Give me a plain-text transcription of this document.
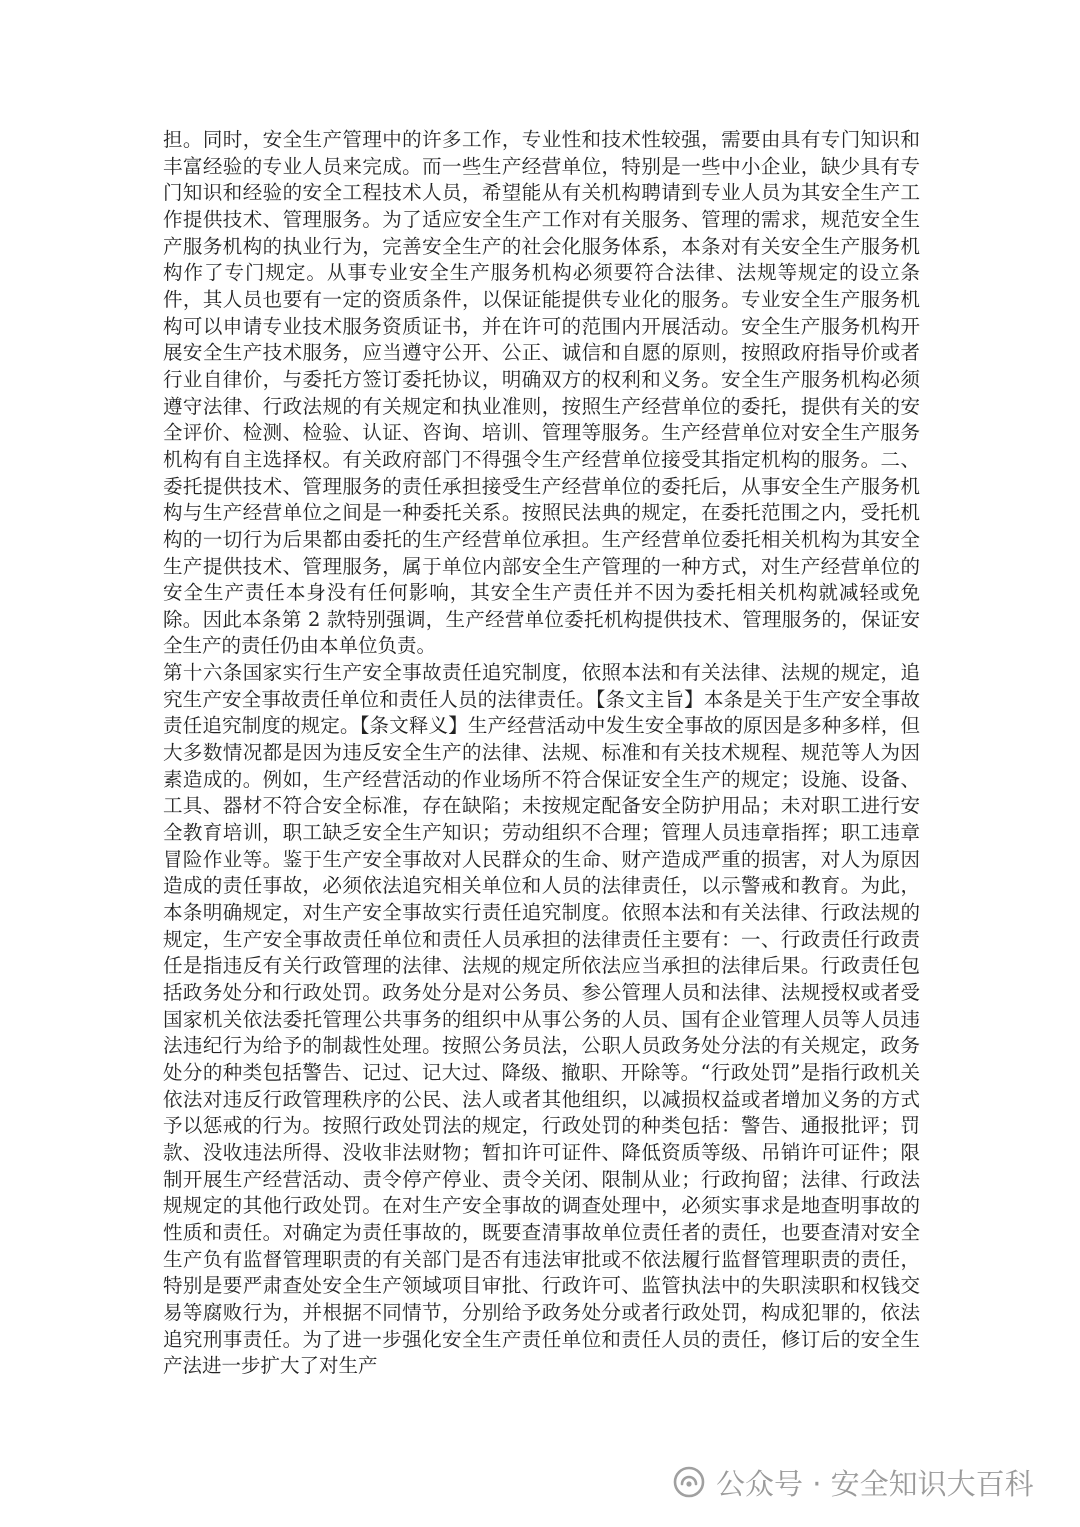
担。同时，安全生产管理中的许多工作，专业性和技术性较强，需要由具有专门知识和丰富经验的专业人员来完成。而一些生产经营单位，特别是一些中小企业，缺少具有专门知识和经验的安全工程技术人员，希望能从有关机构聘请到专业人员为其安全生产工作提供技术、管理服务。为了适应安全生产工作对有关服务、管理的需求，规范安全生产服务机构的执业行为，完善安全生产的社会化服务体系，本条对有关安全生产服务机构作了专门规定。从事专业安全生产服务机构必须要符合法律、法规等规定的设立条件，其人员也要有一定的资质条件，以保证能提供专业化的服务。专业安全生产服务机构可以申请专业技术服务资质证书，并在许可的范围内开展活动。安全生产服务机构开展安全生产技术服务，应当遵守公开、公正、诚信和自愿的原则，按照政府指导价或者行业自律价，与委托方签订委托协议，明确双方的权利和义务。安全生产服务机构必须遵守法律、行政法规的有关规定和执业准则，按照生产经营单位的委托，提供有关的安全评价、检测、检验、认证、咨询、培训、管理等服务。生产经营单位对安全生产服务机构有自主选择权。有关政府部门不得强令生产经营单位接受其指定机构的服务。二、委托提供技术、管理服务的责任承担接受生产经营单位的委托后，从事安全生产服务机构与生产经营单位之间是一种委托关系。按照民法典的规定，在委托范围之内，受托机构的一切行为后果都由委托的生产经营单位承担。生产经营单位委托相关机构为其安全生产提供技术、管理服务，属于单位内部安全生产管理的一种方式，对生产经营单位的安全生产责任本身没有任何影响，其安全生产责任并不因为委托相关机构就减轻或免除。因此本条第 2 款特别强调，生产经营单位委托机构提供技术、管理服务的，保证安全生产的责任仍由本单位负责。

第十六条国家实行生产安全事故责任追究制度，依照本法和有关法律、法规的规定，追究生产安全事故责任单位和责任人员的法律责任。【条文主旨】本条是关于生产安全事故责任追究制度的规定。【条文释义】生产经营活动中发生安全事故的原因是多种多样，但大多数情况都是因为违反安全生产的法律、法规、标准和有关技术规程、规范等人为因素造成的。例如，生产经营活动的作业场所不符合保证安全生产的规定；设施、设备、工具、器材不符合安全标准，存在缺陷；未按规定配备安全防护用品；未对职工进行安全教育培训，职工缺乏安全生产知识；劳动组织不合理；管理人员违章指挥；职工违章冒险作业等。鉴于生产安全事故对人民群众的生命、财产造成严重的损害，对人为原因造成的责任事故，必须依法追究相关单位和人员的法律责任，以示警戒和教育。为此，本条明确规定，对生产安全事故实行责任追究制度。依照本法和有关法律、行政法规的规定，生产安全事故责任单位和责任人员承担的法律责任主要有：一、行政责任行政责任是指违反有关行政管理的法律、法规的规定所依法应当承担的法律后果。行政责任包括政务处分和行政处罚。政务处分是对公务员、参公管理人员和法律、法规授权或者受国家机关依法委托管理公共事务的组织中从事公务的人员、国有企业管理人员等人员违法违纪行为给予的制裁性处理。按照公务员法，公职人员政务处分法的有关规定，政务处分的种类包括警告、记过、记大过、降级、撤职、开除等。“行政处罚”是指行政机关依法对违反行政管理秩序的公民、法人或者其他组织，以减损权益或者增加义务的方式予以惩戒的行为。按照行政处罚法的规定，行政处罚的种类包括：警告、通报批评；罚款、没收违法所得、没收非法财物；暂扣许可证件、降低资质等级、吊销许可证件；限制开展生产经营活动、责令停产停业、责令关闭、限制从业；行政拘留；法律、行政法规规定的其他行政处罚。在对生产安全事故的调查处理中，必须实事求是地查明事故的性质和责任。对确定为责任事故的，既要查清事故单位责任者的责任，也要查清对安全生产负有监督管理职责的有关部门是否有违法审批或不依法履行监督管理职责的责任，特别是要严肃查处安全生产领域项目审批、行政许可、监管执法中的失职渎职和权钱交易等腐败行为，并根据不同情节，分别给予政务处分或者行政处罚，构成犯罪的，依法追究刑事责任。为了进一步强化安全生产责任单位和责任人员的责任，修订后的安全生产法进一步扩大了对生产

公众号 · 安全知识大百科
